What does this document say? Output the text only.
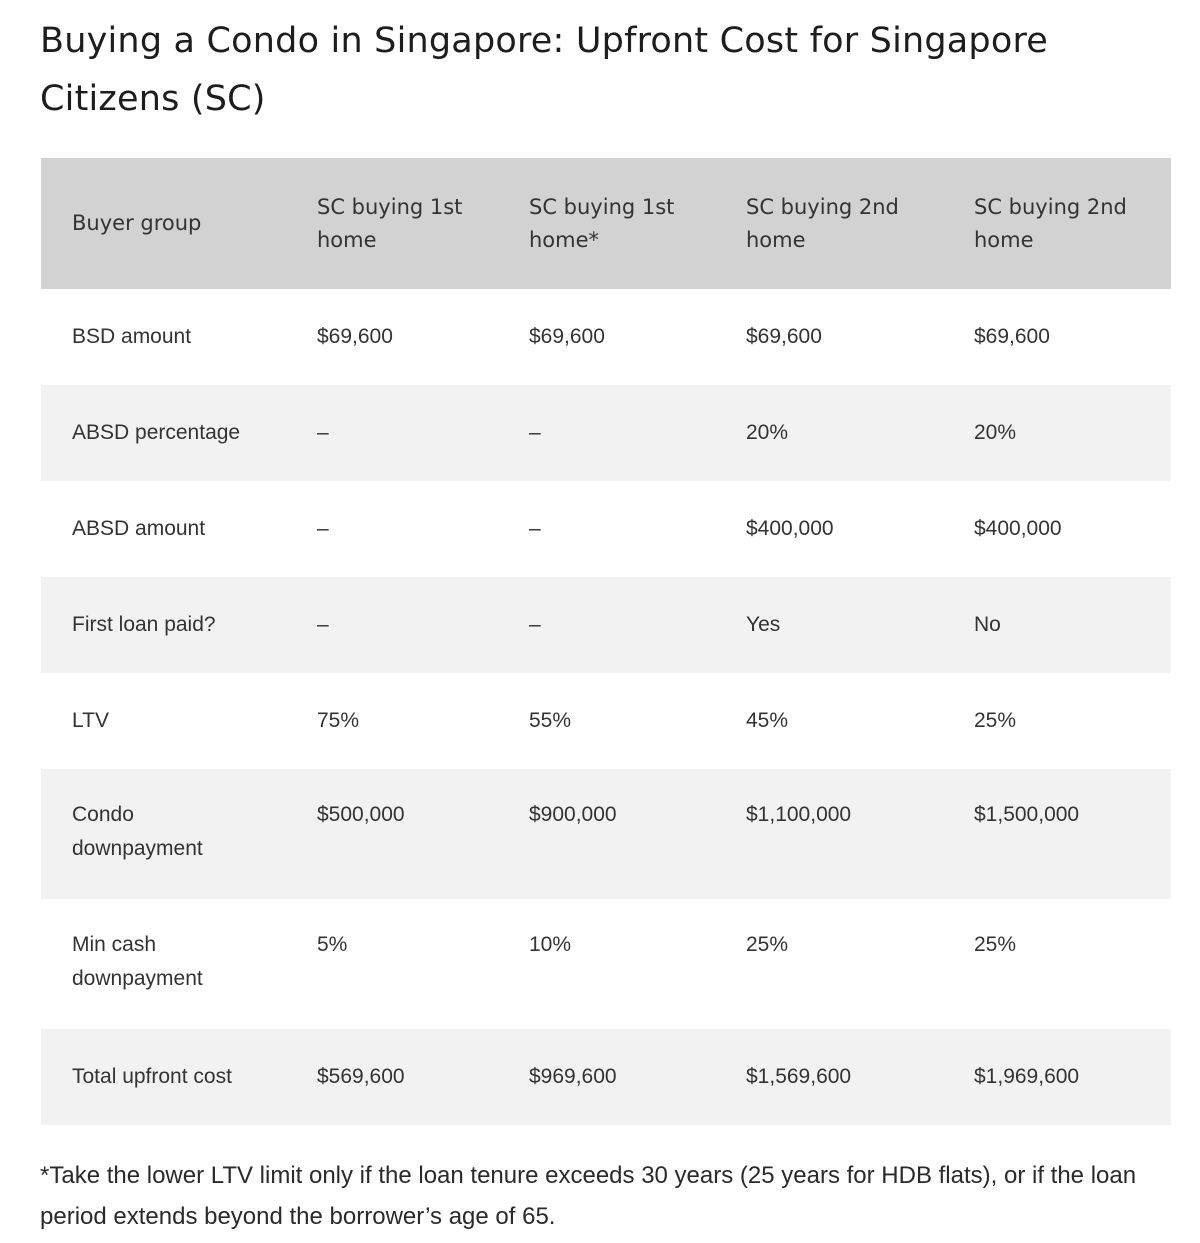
Buying a Condo in Singapore: Upfront Cost for Singapore Citizens (SC)
Buyer group	SC buying 1st home	SC buying 1st home*	SC buying 2nd home	SC buying 2nd home

BSD amount	$69,600	$69,600	$69,600	$69,600
ABSD percentage	–	–	20%	20%
ABSD amount	–	–	$400,000	$400,000
First loan paid?	–	–	Yes	No
LTV	75%	55%	45%	25%
Condo downpayment	$500,000	$900,000	$1,100,000	$1,500,000
Min cash downpayment	5%	10%	25%	25%
Total upfront cost	$569,600	$969,600	$1,569,600	$1,969,600

*Take the lower LTV limit only if the loan tenure exceeds 30 years (25 years for HDB flats), or if the loan period extends beyond the borrower’s age of 65.
